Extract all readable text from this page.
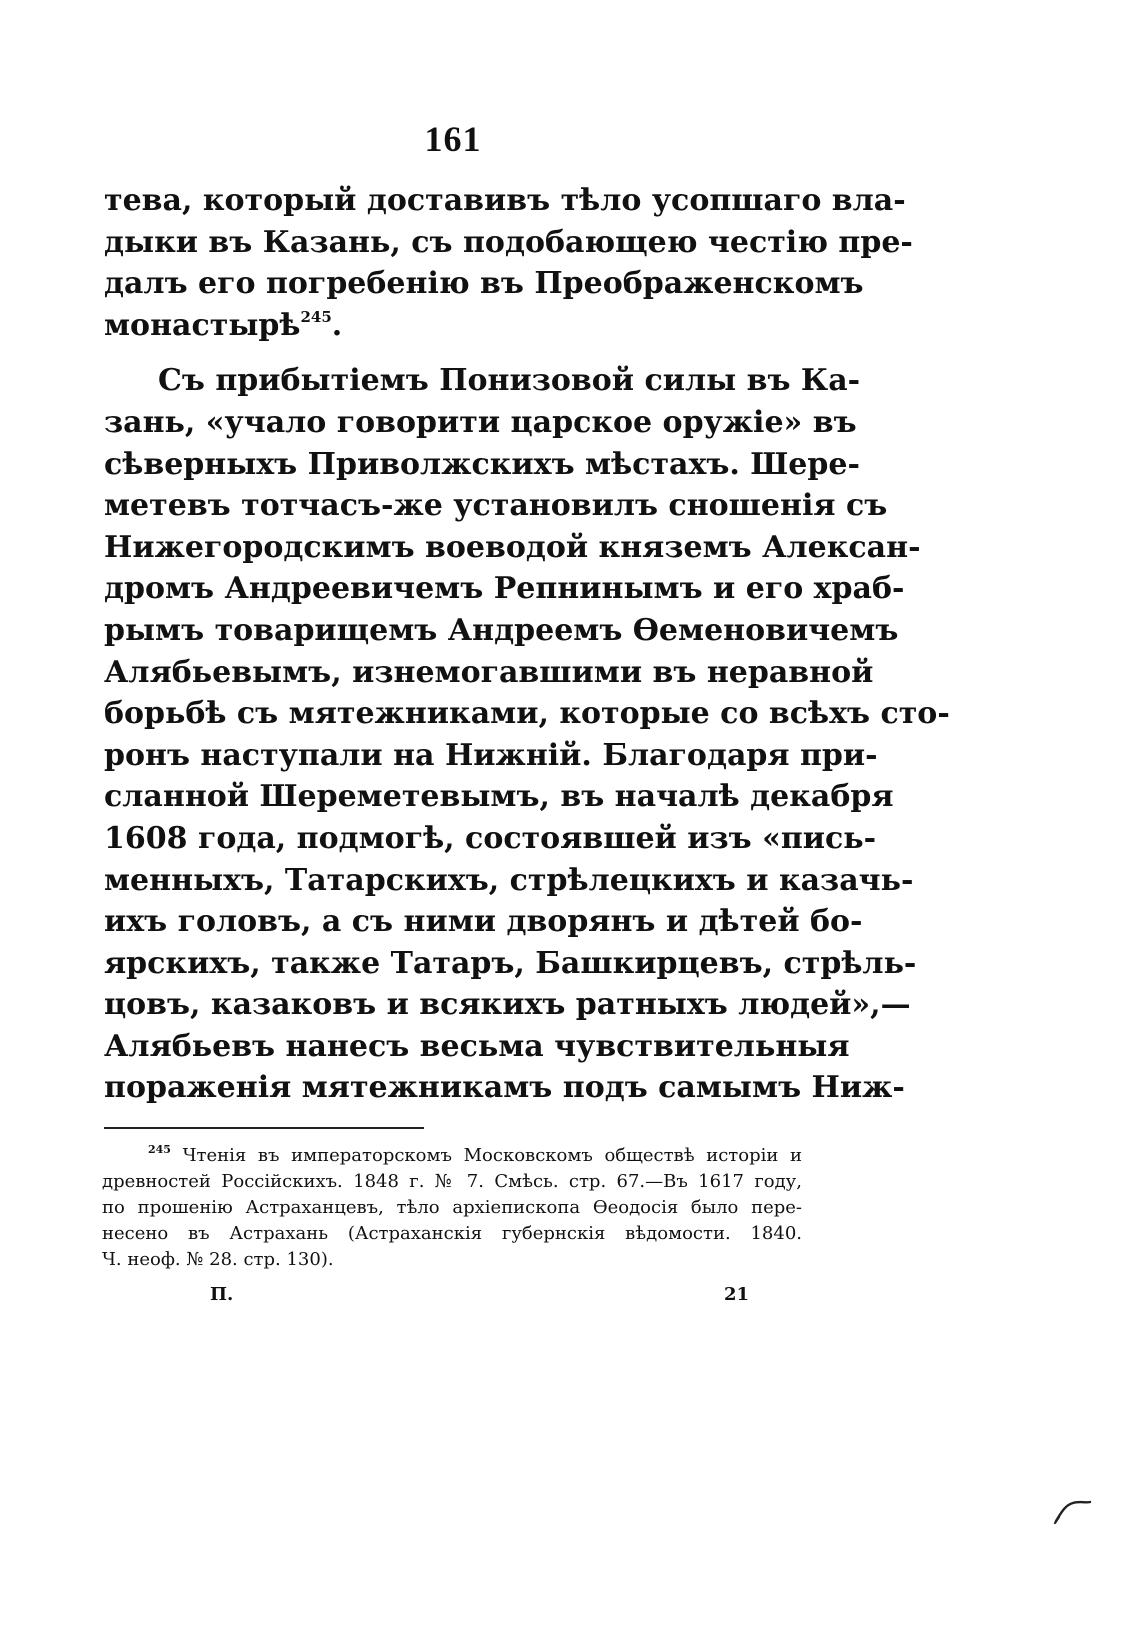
161
тева, который доставивъ тѣло усопшаго вла-
дыки въ Казань, съ подобающею честію пре-
далъ его погребенію въ Преображенскомъ
монастырѣ$^{245}$.
Съ прибытіемъ Понизовой силы въ Ка-
зань, «учало говорити царское оружіе» въ
сѣверныхъ Приволжскихъ мѣстахъ. Шере-
метевъ тотчасъ-же установилъ сношенія съ
Нижегородскимъ воеводой княземъ Алексан-
дромъ Андреевичемъ Репнинымъ и его храб-
рымъ товарищемъ Андреемъ Ѳеменовичемъ
Алябьевымъ, изнемогавшими въ неравной
борьбѣ съ мятежниками, которые со всѣхъ сто-
ронъ наступали на Нижній. Благодаря при-
сланной Шереметевымъ, въ началѣ декабря
1608 года, подмогѣ, состоявшей изъ «пись-
менныхъ, Татарскихъ, стрѣлецкихъ и казачь-
ихъ головъ, а съ ними дворянъ и дѣтей бо-
ярскихъ, также Татаръ, Башкирцевъ, стрѣль-
цовъ, казаковъ и всякихъ ратныхъ людей»,—
Алябьевъ нанесъ весьма чувствительныя
пораженія мятежникамъ подъ самымъ Ниж-
$^{245}$ Чтенія въ императорскомъ Московскомъ обществѣ исторіи и
древностей Россійскихъ. 1848 г. № 7. Смѣсь. стр. 67.—Въ 1617 году,
по прошенію Астраханцевъ, тѣло архіепископа Ѳеодосія было пере-
несено въ Астрахань (Астраханскія губернскія вѣдомости. 1840.
Ч. неоф. № 28. стр. 130).
П.	21
